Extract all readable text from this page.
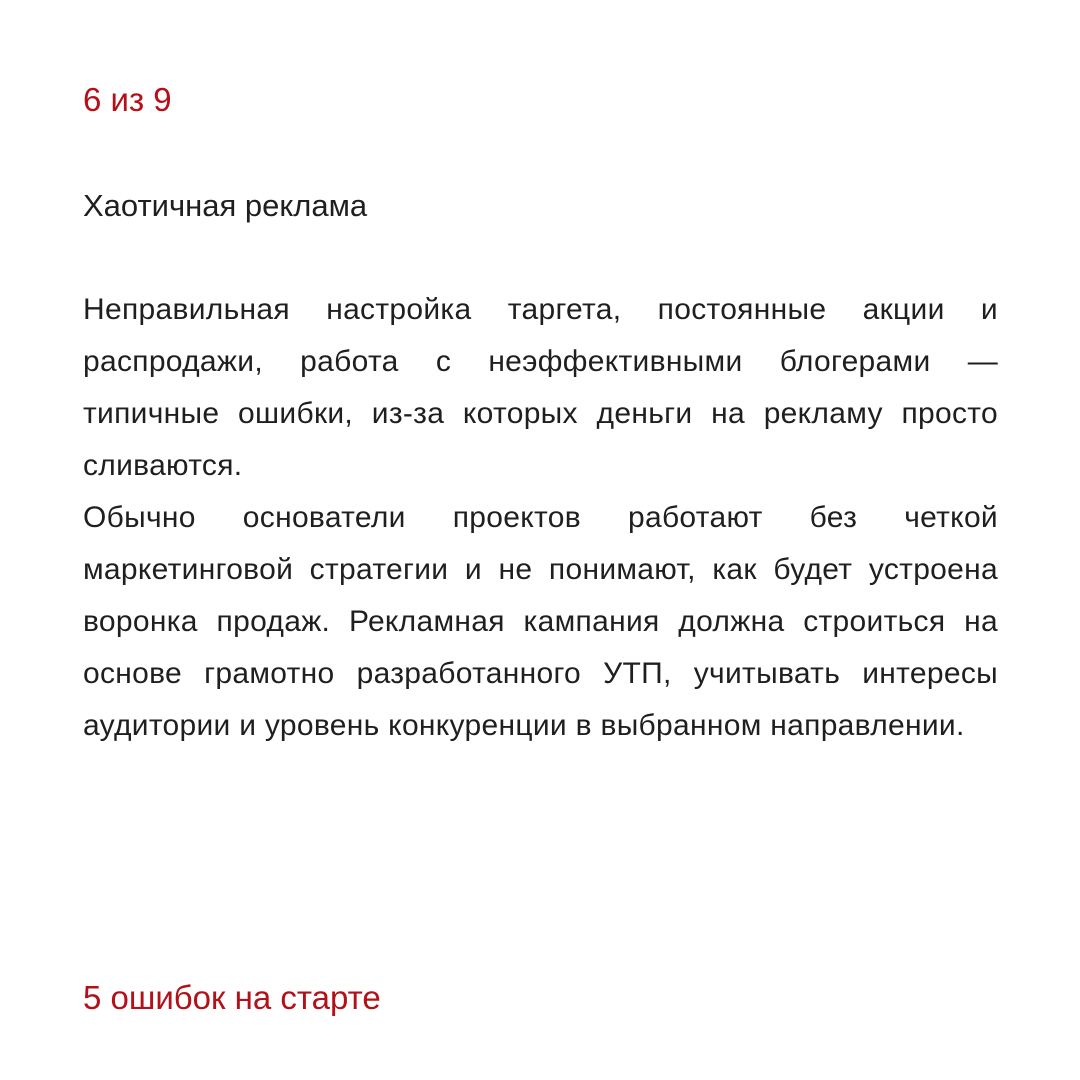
6 из 9
Хаотичная реклама

Неправильная настройка таргета, постоянные акции и распродажи, работа с неэффективными блогерами — типичные ошибки, из-за которых деньги на рекламу просто сливаются.

Обычно основатели проектов работают без четкой маркетинговой стратегии и не понимают, как будет устроена воронка продаж. Рекламная кампания должна строиться на основе грамотно разработанного УТП, учитывать интересы аудитории и уровень конкуренции в выбранном направлении.

5 ошибок на старте
